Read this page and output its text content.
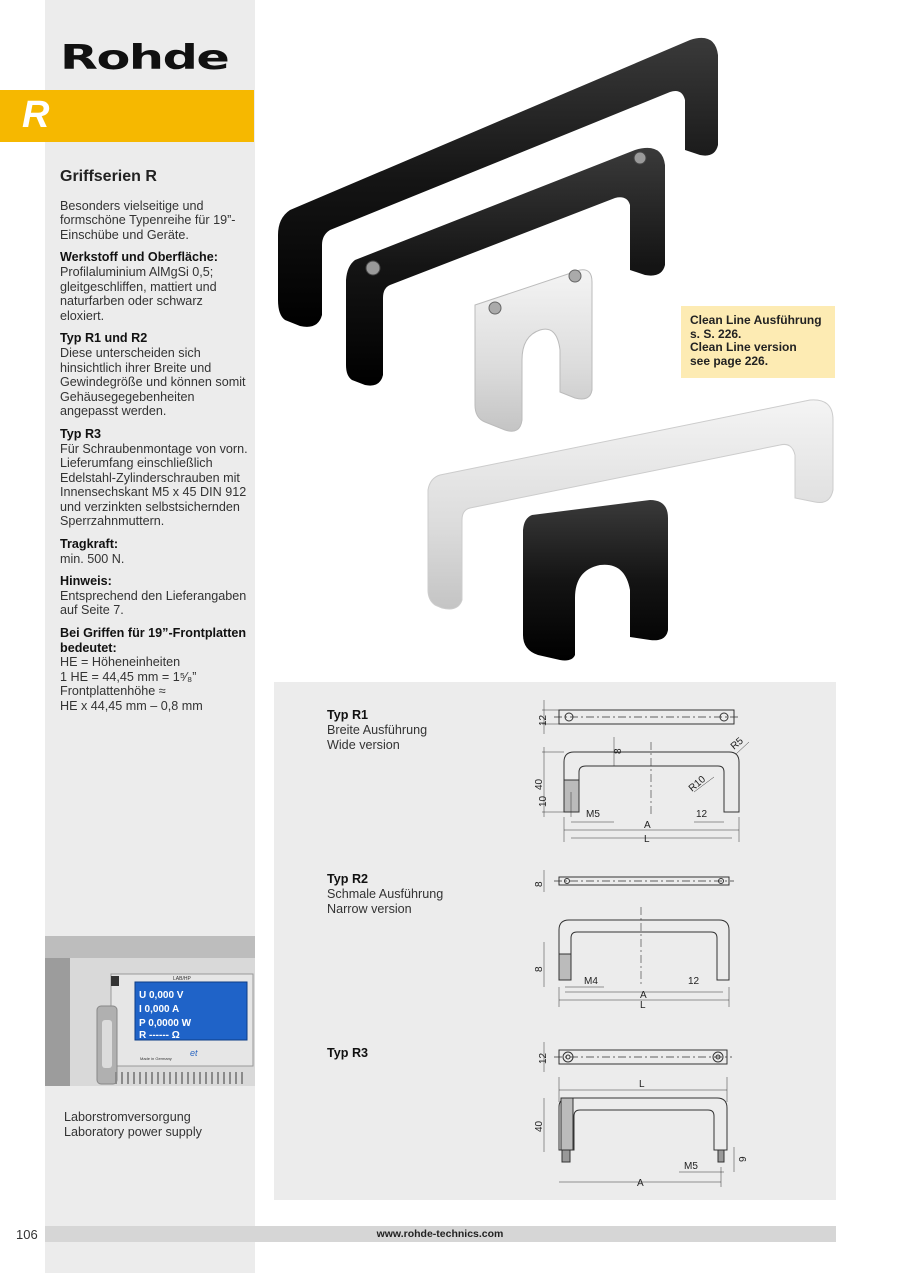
Rohde
R
Griffserien R

Besonders vielseitige und formschöne Typenreihe für 19”-Einschübe und Geräte.

Werkstoff und Oberfläche:
Profilaluminium AlMgSi 0,5; gleitgeschliffen, mattiert und naturfarben oder schwarz eloxiert.

Typ R1 und R2
Diese unterscheiden sich hinsichtlich ihrer Breite und Gewindegröße und können somit Gehäusegegebenheiten angepasst werden.

Typ R3
Für Schraubenmontage von vorn. Lieferumfang einschließlich Edelstahl-Zylinderschrauben mit Innensechskant M5 x 45 DIN 912 und verzinkten selbstsichernden Sperrzahnmuttern.

Tragkraft:
min. 500 N.

Hinweis:
Entsprechend den Lieferangaben auf Seite 7.

Bei Griffen für 19”-Frontplatten bedeutet:
HE = Höheneinheiten
1 HE = 44,45 mm = 1⁵⁄₈”
Frontplattenhöhe ≈
HE x 44,45 mm – 0,8 mm

Clean Line Ausführung
s. S. 226.
Clean Line version
see page 226.
LAB/HP
U 0,000 V
I 0,000 A
P 0,0000 W
R ------ Ω
et
Made in Germany
Laborstromversorgung
Laboratory power supply
Typ R1
Breite Ausführung
Wide version
Typ R2
Schmale Ausführung
Narrow version
Typ R3
12
8	R5
R10
40
10
M5	12
A
L
8
8
M4	12
A
L
12
L
40
M5
9
A
www.rohde-technics.com
106
